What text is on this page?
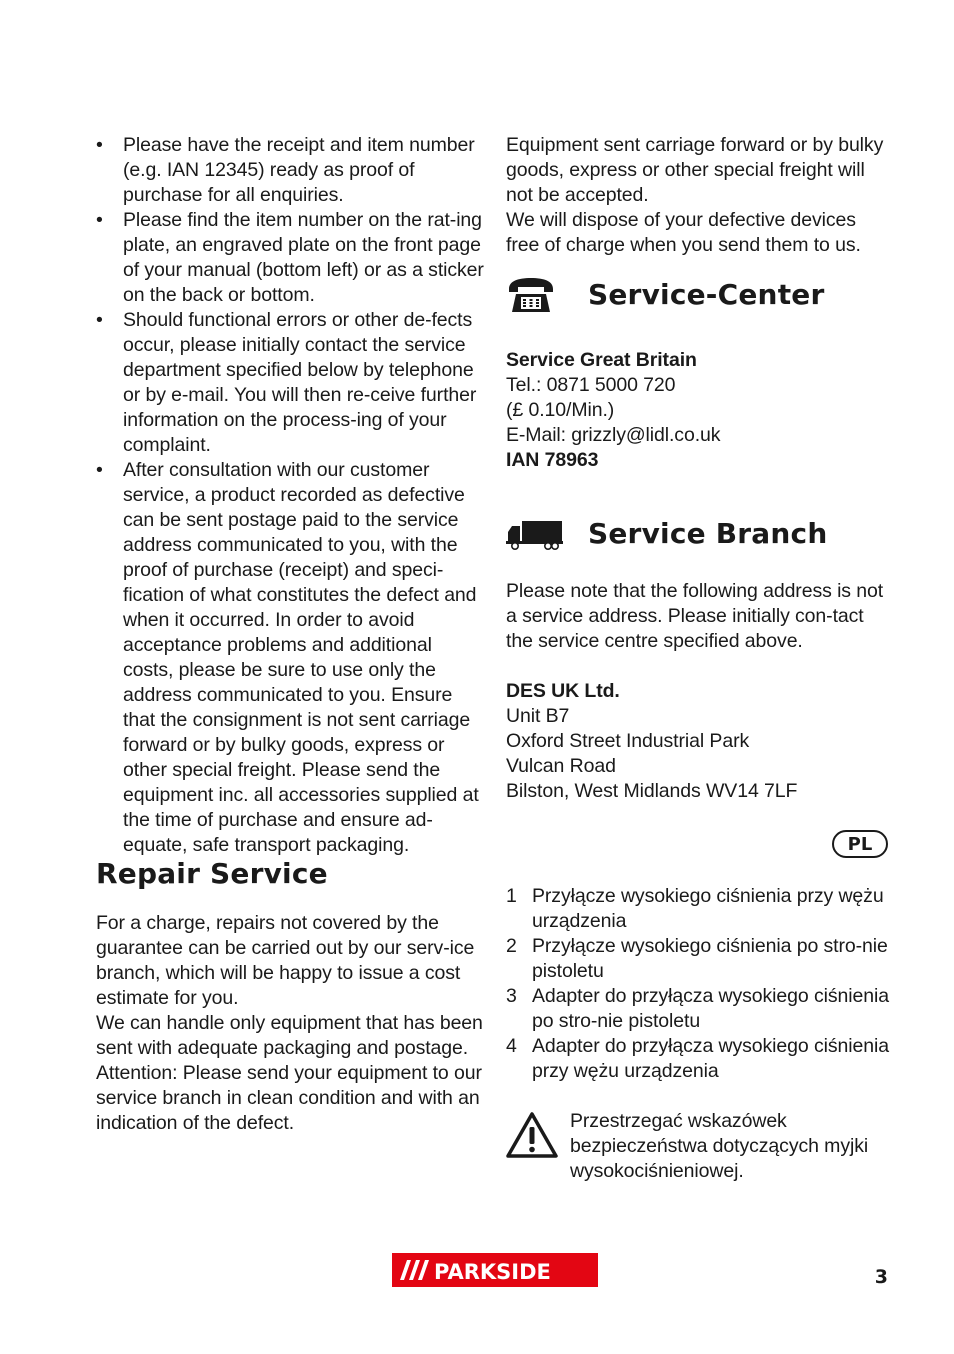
• Please have the receipt and item number (e.g. IAN 12345) ready as proof of purchase for all enquiries.
• Please find the item number on the rat-ing plate, an engraved plate on the front page of your manual (bottom left) or as a sticker on the back or bottom.
• Should functional errors or other de-fects occur, please initially contact the service department specified below by telephone or by e-mail. You will then re-ceive further information on the process-ing of your complaint.
• After consultation with our customer service, a product recorded as defective can be sent postage paid to the service address communicated to you, with the proof of purchase (receipt) and speci-fication of what constitutes the defect and when it occurred. In order to avoid acceptance problems and additional costs, please be sure to use only the address communicated to you. Ensure that the consignment is not sent carriage forward or by bulky goods, express or other special freight. Please send the equipment inc. all accessories supplied at the time of purchase and ensure ad-equate, safe transport packaging.
Repair Service

For a charge, repairs not covered by the guarantee can be carried out by our serv-ice branch, which will be happy to issue a cost estimate for you.

We can handle only equipment that has been sent with adequate packaging and postage.

Attention: Please send your equipment to our service branch in clean condition and with an indication of the defect.

Equipment sent carriage forward or by bulky goods, express or other special freight will not be accepted.

We will dispose of your defective devices free of charge when you send them to us.

Service-Center
Service Great Britain
Tel.: 0871 5000 720
(£ 0.10/Min.)
E-Mail: grizzly@lidl.co.uk
IAN 78963
Service Branch

Please note that the following address is not a service address. Please initially con-tact the service centre specified above.

DES UK Ltd.
Unit B7
Oxford Street Industrial Park
Vulcan Road
Bilston, West Midlands WV14 7LF
PL
1 Przyłącze wysokiego ciśnienia przy wężu urządzenia
2 Przyłącze wysokiego ciśnienia po stro-nie pistoletu
3 Adapter do przyłącza wysokiego ciśnienia po stro-nie pistoletu
4 Adapter do przyłącza wysokiego ciśnienia przy wężu urządzenia
Przestrzegać wskazówek bezpieczeństwa dotyczących myjki wysokociśnieniowej.
PARKSIDE	3
